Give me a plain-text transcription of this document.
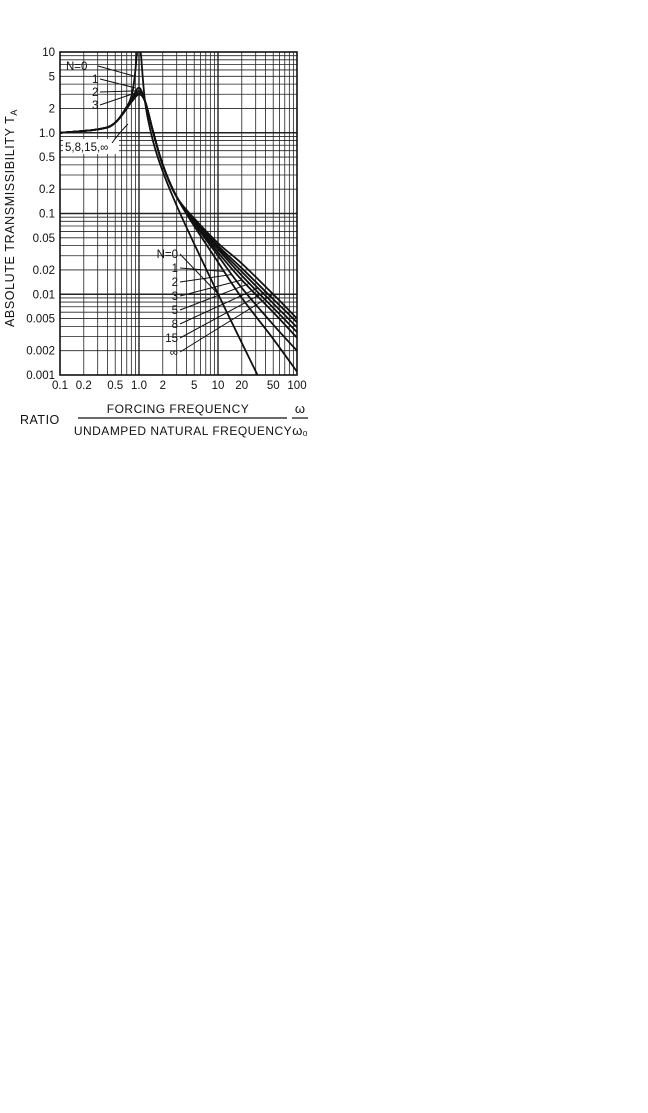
N=0
1
2
3
5,8,15,∞
N=0
1
2
3
5
8
15
∞
10
5
2
1.0
0.5
0.2
0.1
0.05
0.02
0.01
0.005
0.002
0.001
0.1 0.2 0.5 1.0 2 5 10 20 50 100
ABSOLUTE TRANSMISSIBILITY $T_A$
RATIO
FORCING FREQUENCY
UNDAMPED NATURAL FREQUENCY
ω
ω₀
